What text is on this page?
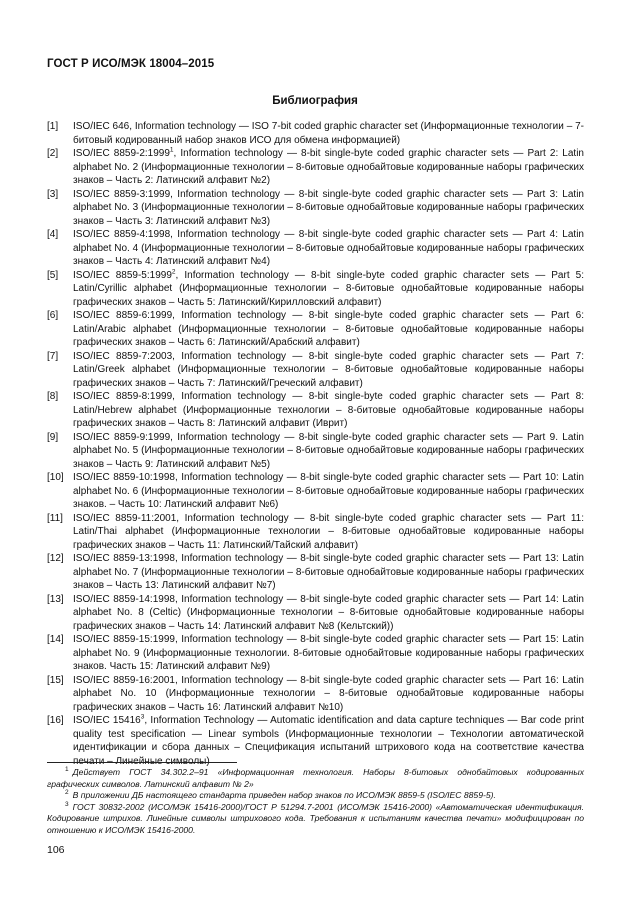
ГОСТ Р ИСО/МЭК 18004–2015
Библиография
[1]	ISO/IEC 646, Information technology — ISO 7-bit coded graphic character set (Информационные технологии – 7-битовый кодированный набор знаков ИСО для обмена информацией)
[2]	ISO/IEC 8859-2:1999$^1$, Information technology — 8-bit single-byte coded graphic character sets — Part 2: Latin alphabet No. 2 (Информационные технологии – 8-битовые однобайтовые кодированные наборы графических знаков – Часть 2: Латинский алфавит №2)
[3]	ISO/IEC 8859-3:1999, Information technology — 8-bit single-byte coded graphic character sets — Part 3: Latin alphabet No. 3 (Информационные технологии – 8-битовые однобайтовые кодированные наборы графических знаков – Часть 3: Латинский алфавит №3)
[4]	ISO/IEC 8859-4:1998, Information technology — 8-bit single-byte coded graphic character sets — Part 4: Latin alphabet No. 4 (Информационные технологии – 8-битовые однобайтовые кодированные наборы графических знаков – Часть 4: Латинский алфавит №4)
[5]	ISO/IEC 8859-5:1999$^2$, Information technology — 8-bit single-byte coded graphic character sets — Part 5: Latin/Cyrillic alphabet (Информационные технологии – 8-битовые однобайтовые кодированные наборы графических знаков – Часть 5: Латинский/Кирилловский алфавит)
[6]	ISO/IEC 8859-6:1999, Information technology — 8-bit single-byte coded graphic character sets — Part 6: Latin/Arabic alphabet (Информационные технологии – 8-битовые однобайтовые кодированные наборы графических знаков – Часть 6: Латинский/Арабский алфавит)
[7]	ISO/IEC 8859-7:2003, Information technology — 8-bit single-byte coded graphic character sets — Part 7: Latin/Greek alphabet (Информационные технологии – 8-битовые однобайтовые кодированные наборы графических знаков – Часть 7: Латинский/Греческий алфавит)
[8]	ISO/IEC 8859-8:1999, Information technology — 8-bit single-byte coded graphic character sets — Part 8: Latin/Hebrew alphabet (Информационные технологии – 8-битовые однобайтовые кодированные наборы графических знаков – Часть 8: Латинский алфавит (Иврит)
[9]	ISO/IEC 8859-9:1999, Information technology — 8-bit single-byte coded graphic character sets — Part 9. Latin alphabet No. 5 (Информационные технологии – 8-битовые однобайтовые кодированные наборы графических знаков – Часть 9: Латинский алфавит №5)
[10] ISO/IEC 8859-10:1998, Information technology — 8-bit single-byte coded graphic character sets — Part 10: Latin alphabet No. 6 (Информационные технологии – 8-битовые однобайтовые кодированные наборы графических знаков. – Часть 10: Латинский алфавит №6)
[11]	ISO/IEC 8859-11:2001, Information technology — 8-bit single-byte coded graphic character sets — Part 11: Latin/Thai alphabet (Информационные технологии – 8-битовые однобайтовые кодированные наборы графических знаков – Часть 11: Латинский/Тайский алфавит)
[12] ISO/IEC 8859-13:1998, Information technology — 8-bit single-byte coded graphic character sets — Part 13: Latin alphabet No. 7 (Информационные технологии – 8-битовые однобайтовые кодированные наборы графических знаков – Часть 13: Латинский алфавит №7)
[13] ISO/IEC 8859-14:1998, Information technology — 8-bit single-byte coded graphic character sets — Part 14: Latin alphabet No. 8 (Celtic) (Информационные технологии – 8-битовые однобайтовые кодированные наборы графических знаков – Часть 14: Латинский алфавит №8 (Кельтский))
[14] ISO/IEC 8859-15:1999, Information technology — 8-bit single-byte coded graphic character sets — Part 15: Latin alphabet No. 9 (Информационные технологии. 8-битовые однобайтовые кодированные наборы графических знаков. Часть 15: Латинский алфавит №9)
[15] ISO/IEC 8859-16:2001, Information technology — 8-bit single-byte coded graphic character sets — Part 16: Latin alphabet No. 10 (Информационные технологии – 8-битовые однобайтовые кодированные наборы графических знаков – Часть 16: Латинский алфавит №10)
[16] ISO/IEC 15416$^3$, Information Technology — Automatic identification and data capture techniques — Bar code print quality test specification — Linear symbols (Информационные технологии – Технологии автоматической идентификации и сбора данных – Спецификация испытаний штрихового кода на соответствие качества печати – Линейные символы)

$^1$ Действует ГОСТ 34.302.2–91 «Информационная технология. Наборы 8-битовых однобайтовых кодированных графических символов. Латинский алфавит № 2»

$^2$ В приложении ДБ настоящего стандарта приведен набор знаков по ИСО/МЭК 8859-5 (ISO/IEC 8859-5).

$^3$ ГОСТ 30832-2002 (ИСО/МЭК 15416-2000)/ГОСТ Р 51294.7-2001 (ИСО/МЭК 15416-2000) «Автоматическая идентификация. Кодирование штрихов. Линейные символы штрихового кода. Требования к испытаниям качества печати» модифицирован по отношению к ИСО/МЭК 15416-2000.

106
